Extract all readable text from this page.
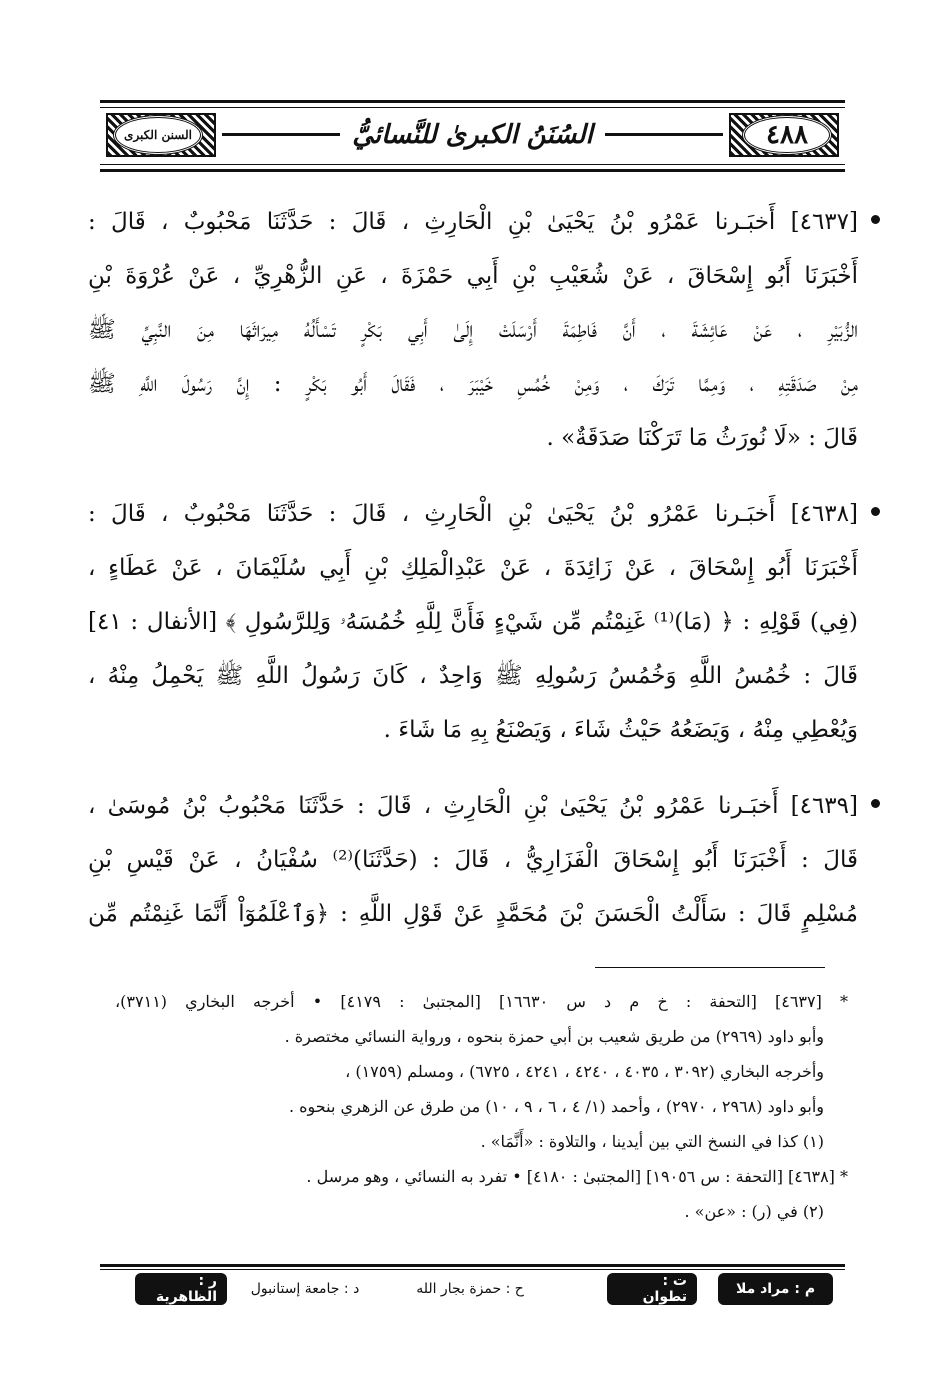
السنن الكبرى	٤٨٨
السُنَنُ الكبرىٰ للنَّسائيُّ
[٤٦٣٧] أَخبَـرنا عَمْرُو بْنُ يَحْيَىٰ بْنِ الْحَارِثِ ، قَالَ : حَدَّثَنَا مَحْبُوبٌ ، قَالَ :
أَخْبَرَنَا أَبُو إِسْحَاقَ ، عَنْ شُعَيْبِ بْنِ أَبِي حَمْزَةَ ، عَنِ الزُّهْرِيِّ ، عَنْ عُرْوَةَ بْنِ
الزُّبَيْرِ ، عَنْ عَائِشَةَ ، أَنَّ فَاطِمَةَ أَرْسَلَتْ إِلَىٰ أَبِي بَكْرٍ تَسْأَلُهُ مِيرَاثَهَا مِنَ النَّبِيِّ ﷺ
مِنْ صَدَقَتِهِ ، وَمِمَّا تَرَكَ ، وَمِنْ خُمُسِ خَيْبَرَ ، فَقَالَ أَبُو بَكْرٍ : إِنَّ رَسُولَ اللَّهِ ﷺ
قَالَ : «لَا نُورَثُ مَا تَرَكْنَا صَدَقَةٌ» .
[٤٦٣٨] أَخبَـرنا عَمْرُو بْنُ يَحْيَىٰ بْنِ الْحَارِثِ ، قَالَ : حَدَّثَنَا مَحْبُوبٌ ، قَالَ :
أَخْبَرَنَا أَبُو إِسْحَاقَ ، عَنْ زَائِدَةَ ، عَنْ عَبْدِالْمَلِكِ بْنِ أَبِي سُلَيْمَانَ ، عَنْ عَطَاءٍ ،
(فِي) قَوْلِهِ : ﴿ (مَا)⁽¹⁾ غَنِمْتُم مِّن شَيْءٍ فَأَنَّ لِلَّهِ خُمُسَهُۥ وَلِلرَّسُولِ ﴾ [الأنفال : ٤١]
قَالَ : خُمُسُ اللَّهِ وَخُمُسُ رَسُولِهِ ﷺ وَاحِدٌ ، كَانَ رَسُولُ اللَّهِ ﷺ يَحْمِلُ مِنْهُ ،
وَيُعْطِي مِنْهُ ، وَيَضَعُهُ حَيْثُ شَاءَ ، وَيَصْنَعُ بِهِ مَا شَاءَ .
[٤٦٣٩] أَخبَـرنا عَمْرُو بْنُ يَحْيَىٰ بْنِ الْحَارِثِ ، قَالَ : حَدَّثَنَا مَحْبُوبُ بْنُ مُوسَىٰ ،
قَالَ : أَخْبَرَنَا أَبُو إِسْحَاقَ الْفَزَارِيُّ ، قَالَ : (حَدَّثَنَا)⁽²⁾ سُفْيَانُ ، عَنْ قَيْسِ بْنِ
مُسْلِمٍ قَالَ : سَأَلْتُ الْحَسَنَ بْنَ مُحَمَّدٍ عَنْ قَوْلِ اللَّهِ : ﴿وَٱعْلَمُوٓاْ أَنَّمَا غَنِمْتُم مِّن
* [٤٦٣٧] [التحفة : خ م د س ١٦٦٣٠] [المجتبىٰ : ٤١٧٩] • أخرجه البخاري (٣٧١١)،
وأبو داود (٢٩٦٩) من طريق شعيب بن أبي حمزة بنحوه ، ورواية النسائي مختصرة .
وأخرجه البخاري (٣٠٩٢ ، ٤٠٣٥ ، ٤٢٤٠ ، ٤٢٤١ ، ٦٧٢٥) ، ومسلم (١٧٥٩) ،
وأبو داود (٢٩٦٨ ، ٢٩٧٠) ، وأحمد (١/ ٤ ، ٦ ، ٩ ، ١٠) من طرق عن الزهري بنحوه .
(١) كذا في النسخ التي بين أيدينا ، والتلاوة : «أَنَّمَا» .
* [٤٦٣٨] [التحفة : س ١٩٠٥٦] [المجتبىٰ : ٤١٨٠] • تفرد به النسائي ، وهو مرسل .
(٢) في (ر) : «عن» .
م : مراد ملا
ت : تطوان
ح : حمزة بجار الله
د : جامعة إستانبول
ر : الظاهرية
